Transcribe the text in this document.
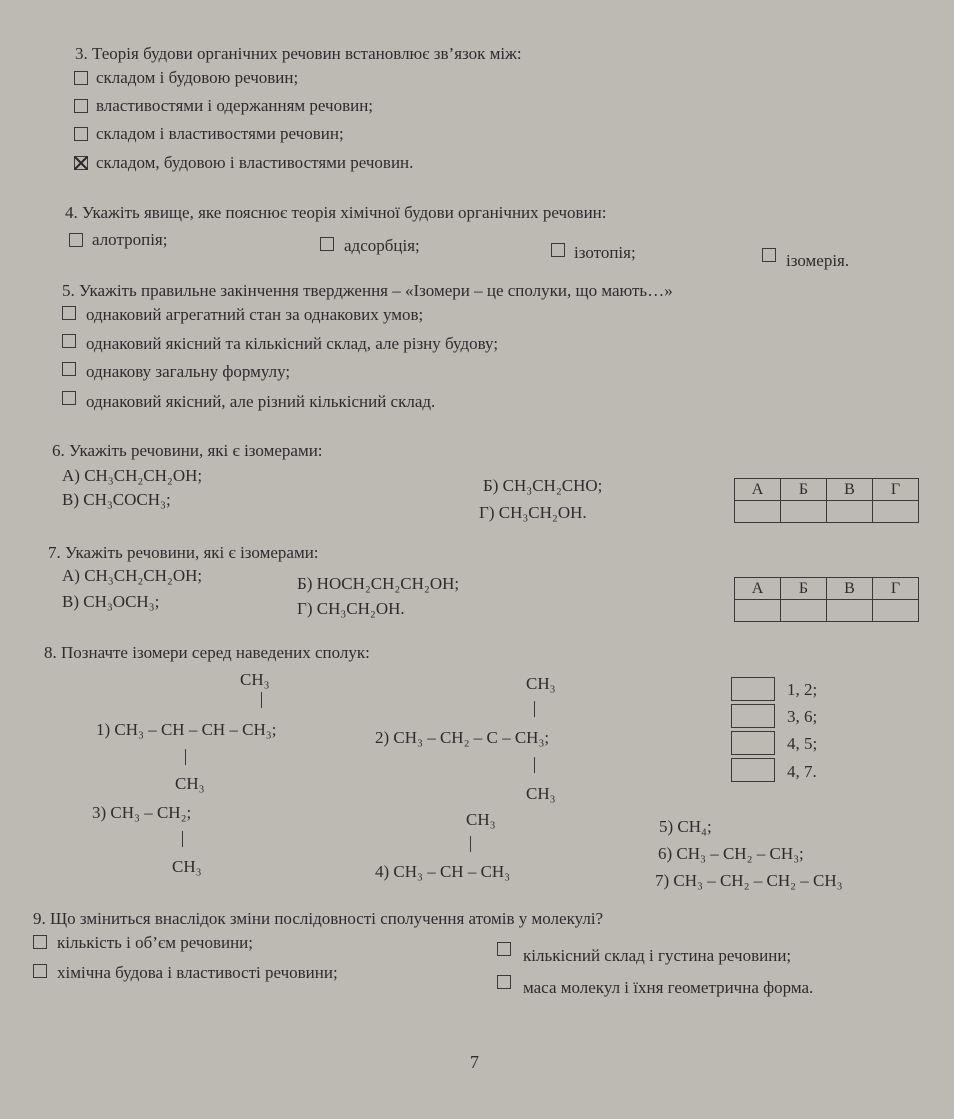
3. Теорія будови органічних речовин встановлює зв’язок між:
складом і будовою речовин;
властивостями і одержанням речовин;
складом і властивостями речовин;
складом, будовою і властивостями речовин.
4. Укажіть явище, яке пояснює теорія хімічної будови органічних речовин:
алотропія;	адсорбція;	ізотопія;	ізомерія.
5. Укажіть правильне закінчення твердження – «Ізомери – це сполуки, що мають…»
однаковий агрегатний стан за однакових умов;
однаковий якісний та кількісний склад, але різну будову;
однакову загальну формулу;
однаковий якісний, але різний кількісний склад.
6. Укажіть речовини, які є ізомерами:
А) CH₃CH₂CH₂OH;
Б) CH₃CH₂CHO;
В) CH₃COCH₃;
Г) CH₃CH₂OH.
А	Б	В	Г

7. Укажіть речовини, які є ізомерами:
А) CH₃CH₂CH₂OH;	Б) HOCH₂CH₂CH₂OH;
В) CH₃OCH₃;	Г) CH₃CH₂OH.
А	Б	В	Г

8. Позначте ізомери серед наведених сполук:
CH₃
1) CH₃ – CH – CH – CH₃;
CH₃
CH₃
2) CH₃ – CH₂ – C – CH₃;
CH₃
3) CH₃ – CH₂;
CH₃
CH₃
4) CH₃ – CH – CH₃
5) CH₄;
6) CH₃ – CH₂ – CH₃;
7) CH₃ – CH₂ – CH₂ – CH₃
1, 2;
3, 6;
4, 5;
4, 7.
9. Що зміниться внаслідок зміни послідовності сполучення атомів у молекулі?
кількість і об’єм речовини;
кількісний склад і густина речовини;
хімічна будова і властивості речовини;
маса молекул і їхня геометрична форма.
7
